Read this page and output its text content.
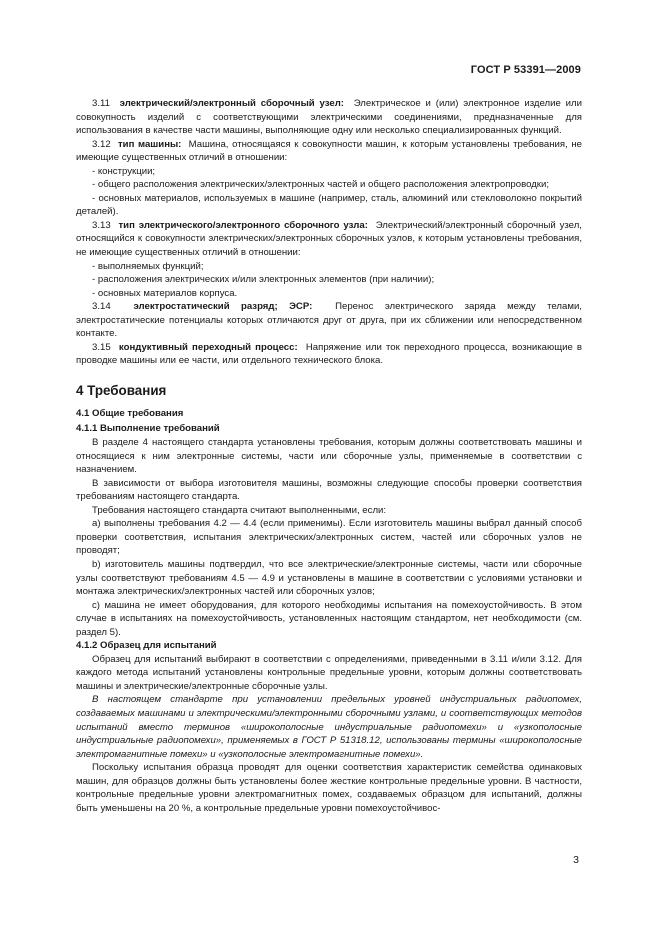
ГОСТ Р 53391—2009

3.11 электрический/электронный сборочный узел: Электрическое и (или) электронное изделие или совокупность изделий с соответствующими электрическими соединениями, предназначенные для использования в качестве части машины, выполняющие одну или несколько специализированных функций.

3.12 тип машины: Машина, относящаяся к совокупности машин, к которым установлены требования, не имеющие существенных отличий в отношении:

- конструкции;

- общего расположения электрических/электронных частей и общего расположения электропроводки;

- основных материалов, используемых в машине (например, сталь, алюминий или стекловолокно покрытий деталей).

3.13 тип электрического/электронного сборочного узла: Электрический/электронный сборочный узел, относящийся к совокупности электрических/электронных сборочных узлов, к которым установлены требования, не имеющие существенных отличий в отношении:

- выполняемых функций;

- расположения электрических и/или электронных элементов (при наличии);

- основных материалов корпуса.

3.14 электростатический разряд; ЭСР: Перенос электрического заряда между телами, электростатические потенциалы которых отличаются друг от друга, при их сближении или непосредственном контакте.

3.15 кондуктивный переходный процесс: Напряжение или ток переходного процесса, возникающие в проводке машины или ее части, или отдельного технического блока.

4 Требования

4.1 Общие требования

4.1.1 Выполнение требований

В разделе 4 настоящего стандарта установлены требования, которым должны соответствовать машины и относящиеся к ним электронные системы, части или сборочные узлы, применяемые в соответствии с назначением.

В зависимости от выбора изготовителя машины, возможны следующие способы проверки соответствия требованиям настоящего стандарта.

Требования настоящего стандарта считают выполненными, если:

а) выполнены требования 4.2 — 4.4 (если применимы). Если изготовитель машины выбрал данный способ проверки соответствия, испытания электрических/электронных систем, частей или сборочных узлов не проводят;

b) изготовитель машины подтвердил, что все электрические/электронные системы, части или сборочные узлы соответствуют требованиям 4.5 — 4.9 и установлены в машине в соответствии с условиями установки и монтажа электрических/электронных частей или сборочных узлов;

с) машина не имеет оборудования, для которого необходимы испытания на помехоустойчивость. В этом случае в испытаниях на помехоустойчивость, установленных настоящим стандартом, нет необходимости (см. раздел 5).

4.1.2 Образец для испытаний

Образец для испытаний выбирают в соответствии с определениями, приведенными в 3.11 и/или 3.12. Для каждого метода испытаний установлены контрольные предельные уровни, которым должны соответствовать машины и электрические/электронные сборочные узлы.

В настоящем стандарте при установлении предельных уровней индустриальных радиопомех, создаваемых машинами и электрическими/электронными сборочными узлами, и соответствующих методов испытаний вместо терминов «широкополосные индустриальные радиопомехи» и «узкополосные индустриальные радиопомехи», применяемых в ГОСТ Р 51318.12, использованы термины «широкополосные электромагнитные помехи» и «узкополосные электромагнитные помехи».

Поскольку испытания образца проводят для оценки соответствия характеристик семейства одинаковых машин, для образцов должны быть установлены более жесткие контрольные предельные уровни. В частности, контрольные предельные уровни электромагнитных помех, создаваемых образцом для испытаний, должны быть уменьшены на 20 %, а контрольные предельные уровни помехоустойчивос-

3
